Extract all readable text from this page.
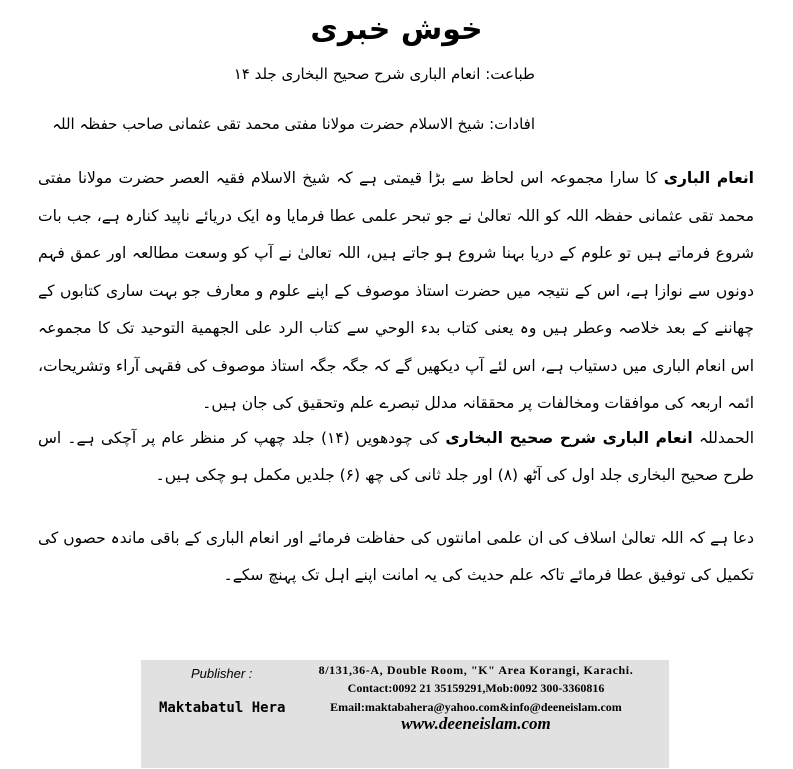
خوش خبری
طباعت: انعام الباری شرح صحیح البخاری جلد ۱۴
افادات: شیخ الاسلام حضرت مولانا مفتی محمد تقی عثمانی صاحب حفظہ اللہ
انعام الباری کا سارا مجموعہ اس لحاظ سے بڑا قیمتی ہے کہ شیخ الاسلام فقیہ العصر حضرت مولانا مفتی محمد تقی عثمانی حفظہ اللہ کو اللہ تعالیٰ نے جو تبحر علمی عطا فرمایا وہ ایک دریائے ناپید کنارہ ہے، جب بات شروع فرماتے ہیں تو علوم کے دریا بہنا شروع ہو جاتے ہیں، اللہ تعالیٰ نے آپ کو وسعت مطالعہ اور عمق فہم دونوں سے نوازا ہے، اس کے نتیجہ میں حضرت استاذ موصوف کے اپنے علوم و معارف جو بہت ساری کتابوں کے چھاننے کے بعد خلاصہ وعطر ہیں وہ یعنی کتاب بدء الوحي سے کتاب الرد علی الجھمیة التوحید تک کا مجموعہ اس انعام الباری میں دستیاب ہے، اس لئے آپ دیکھیں گے کہ جگہ جگہ استاذ موصوف کی فقہی آراء وتشریحات، ائمہ اربعہ کی موافقات ومخالفات پر محققانہ مدلل تبصرے علم وتحقیق کی جان ہیں۔
الحمدللہ انعام الباری شرح صحیح البخاری کی چودھویں (۱۴) جلد چھپ کر منظر عام پر آچکی ہے۔ اس طرح صحیح البخاری جلد اول کی آٹھ (۸) اور جلد ثانی کی چھ (۶) جلدیں مکمل ہو چکی ہیں۔
دعا ہے کہ اللہ تعالیٰ اسلاف کی ان علمی امانتوں کی حفاظت فرمائے اور انعام الباری کے باقی ماندہ حصوں کی تکمیل کی توفیق عطا فرمائے تاکہ علم حدیث کی یہ امانت اپنے اہل تک پہنچ سکے۔
Publisher :
Maktabatul Hera
8/131,36-A, Double Room, "K" Area Korangi, Karachi.
Contact:0092 21 35159291,Mob:0092 300-3360816
Email:maktabahera@yahoo.com&info@deeneislam.com
www.deeneislam.com
